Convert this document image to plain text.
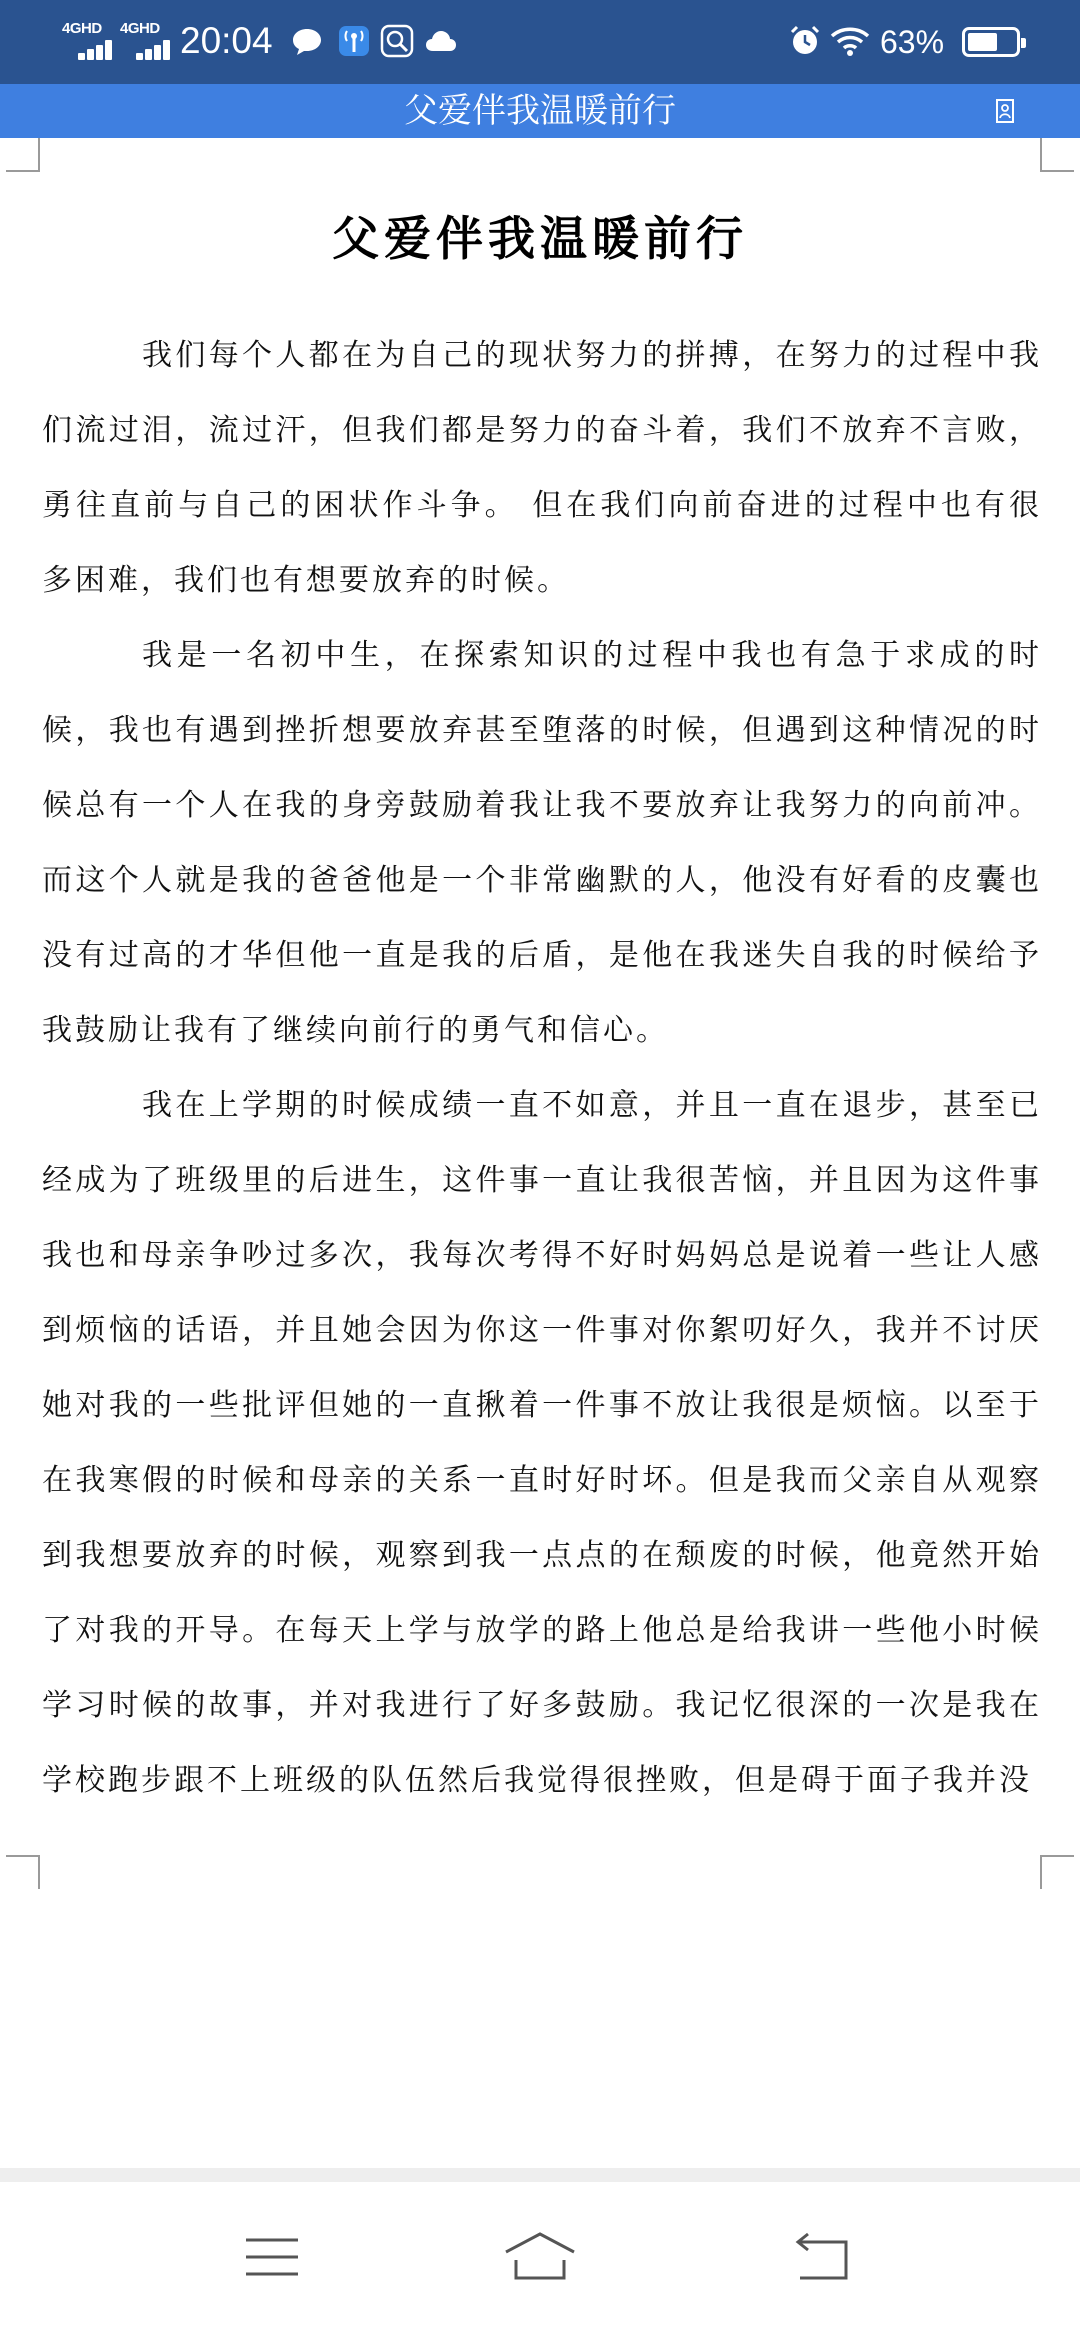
4GHD 4GHD 20:04	63%
父爱伴我温暖前行
父爱伴我温暖前行

我们每个人都在为自己的现状努力的拼搏，在努力的过程中我们流过泪，流过汗，但我们都是努力的奋斗着，我们不放弃不言败，勇往直前与自己的困状作斗争。 但在我们向前奋进的过程中也有很多困难，我们也有想要放弃的时候。

我是一名初中生，在探索知识的过程中我也有急于求成的时候，我也有遇到挫折想要放弃甚至堕落的时候，但遇到这种情况的时候总有一个人在我的身旁鼓励着我让我不要放弃让我努力的向前冲。而这个人就是我的爸爸他是一个非常幽默的人，他没有好看的皮囊也没有过高的才华但他一直是我的后盾，是他在我迷失自我的时候给予我鼓励让我有了继续向前行的勇气和信心。

我在上学期的时候成绩一直不如意，并且一直在退步，甚至已经成为了班级里的后进生，这件事一直让我很苦恼，并且因为这件事我也和母亲争吵过多次，我每次考得不好时妈妈总是说着一些让人感到烦恼的话语，并且她会因为你这一件事对你絮叨好久，我并不讨厌她对我的一些批评但她的一直揪着一件事不放让我很是烦恼。以至于在我寒假的时候和母亲的关系一直时好时坏。但是我而父亲自从观察到我想要放弃的时候，观察到我一点点的在颓废的时候，他竟然开始了对我的开导。在每天上学与放学的路上他总是给我讲一些他小时候学习时候的故事，并对我进行了好多鼓励。我记忆很深的一次是我在学校跑步跟不上班级的队伍然后我觉得很挫败，但是碍于面子我并没
